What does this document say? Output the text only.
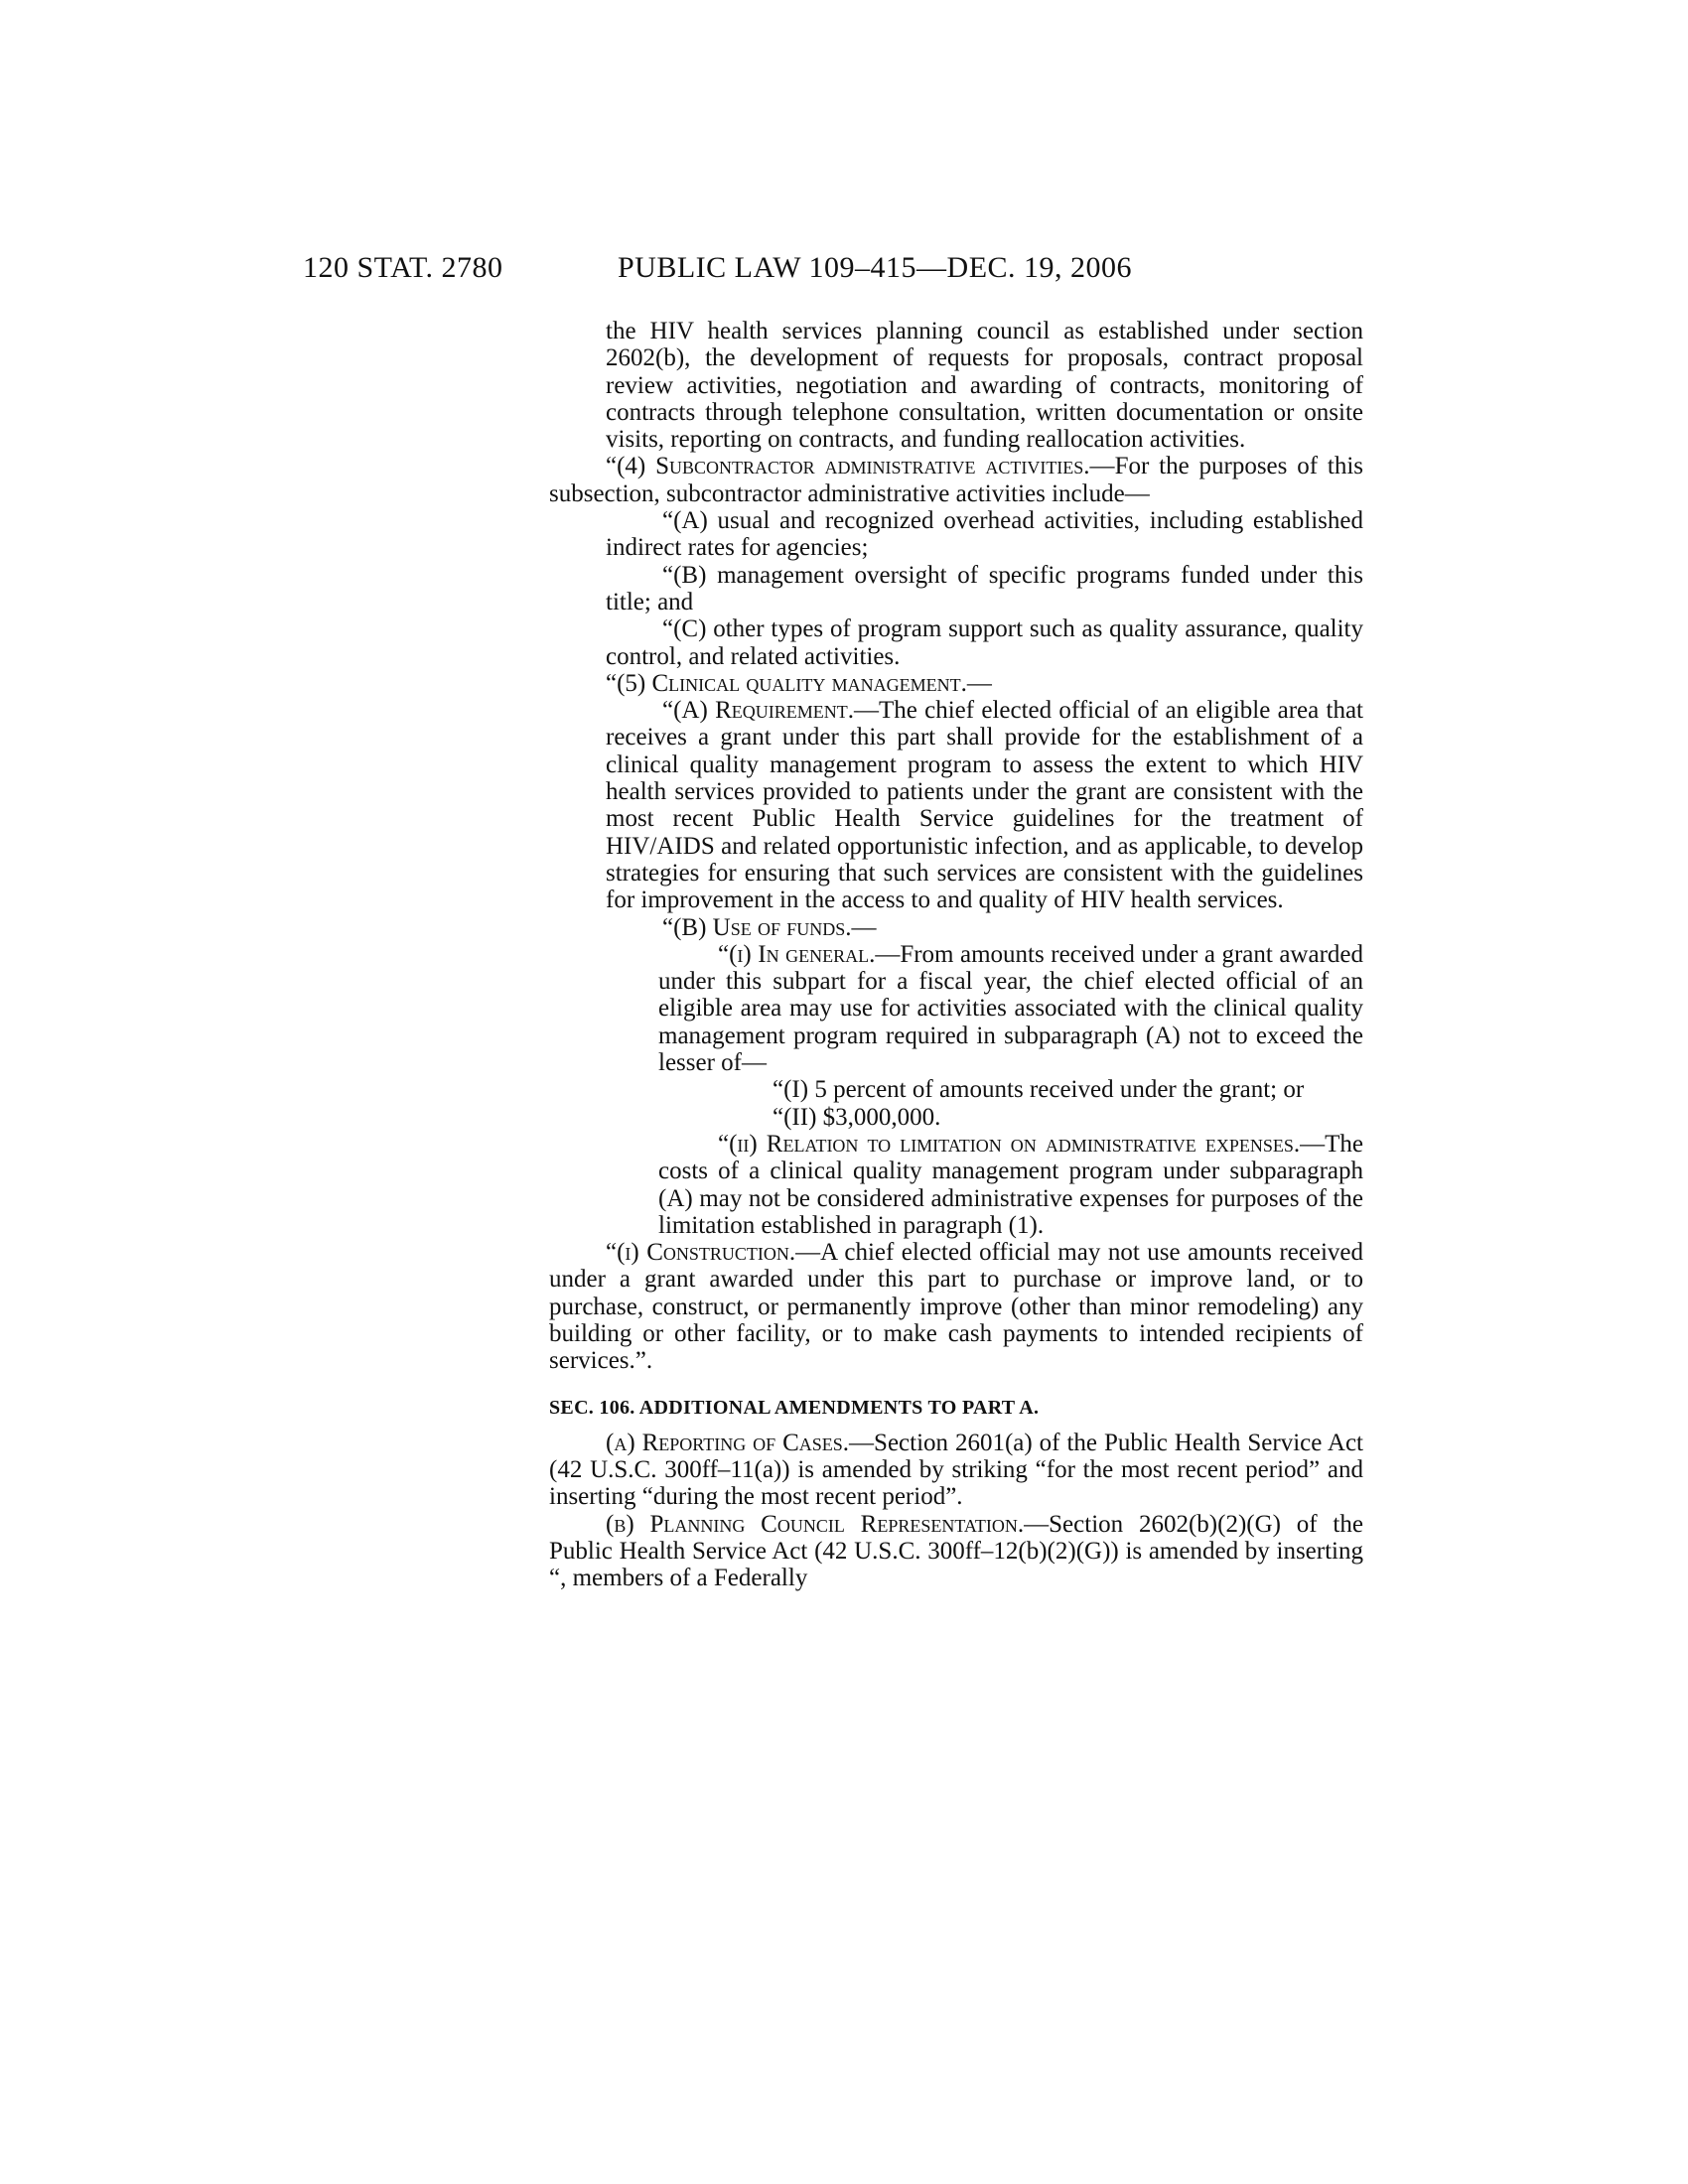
120 STAT. 2780	PUBLIC LAW 109–415—DEC. 19, 2006

the HIV health services planning council as established under section 2602(b), the development of requests for proposals, contract proposal review activities, negotiation and awarding of contracts, monitoring of contracts through telephone consultation, written documentation or onsite visits, reporting on contracts, and funding reallocation activities.

“(4) Subcontractor administrative activities.—For the purposes of this subsection, subcontractor administrative activities include—

“(A) usual and recognized overhead activities, including established indirect rates for agencies;

“(B) management oversight of specific programs funded under this title; and

“(C) other types of program support such as quality assurance, quality control, and related activities.

“(5) Clinical quality management.—

“(A) Requirement.—The chief elected official of an eligible area that receives a grant under this part shall provide for the establishment of a clinical quality management program to assess the extent to which HIV health services provided to patients under the grant are consistent with the most recent Public Health Service guidelines for the treatment of HIV/AIDS and related opportunistic infection, and as applicable, to develop strategies for ensuring that such services are consistent with the guidelines for improvement in the access to and quality of HIV health services.

“(B) Use of funds.—

“(i) In general.—From amounts received under a grant awarded under this subpart for a fiscal year, the chief elected official of an eligible area may use for activities associated with the clinical quality management program required in subparagraph (A) not to exceed the lesser of—

“(I) 5 percent of amounts received under the grant; or

“(II) $3,000,000.

“(ii) Relation to limitation on administrative expenses.—The costs of a clinical quality management program under subparagraph (A) may not be considered administrative expenses for purposes of the limitation established in paragraph (1).

“(i) Construction.—A chief elected official may not use amounts received under a grant awarded under this part to purchase or improve land, or to purchase, construct, or permanently improve (other than minor remodeling) any building or other facility, or to make cash payments to intended recipients of services.”.

SEC. 106. ADDITIONAL AMENDMENTS TO PART A.

(a) Reporting of Cases.—Section 2601(a) of the Public Health Service Act (42 U.S.C. 300ff–11(a)) is amended by striking “for the most recent period” and inserting “during the most recent period”.

(b) Planning Council Representation.—Section 2602(b)(2)(G) of the Public Health Service Act (42 U.S.C. 300ff–12(b)(2)(G)) is amended by inserting “, members of a Federally
